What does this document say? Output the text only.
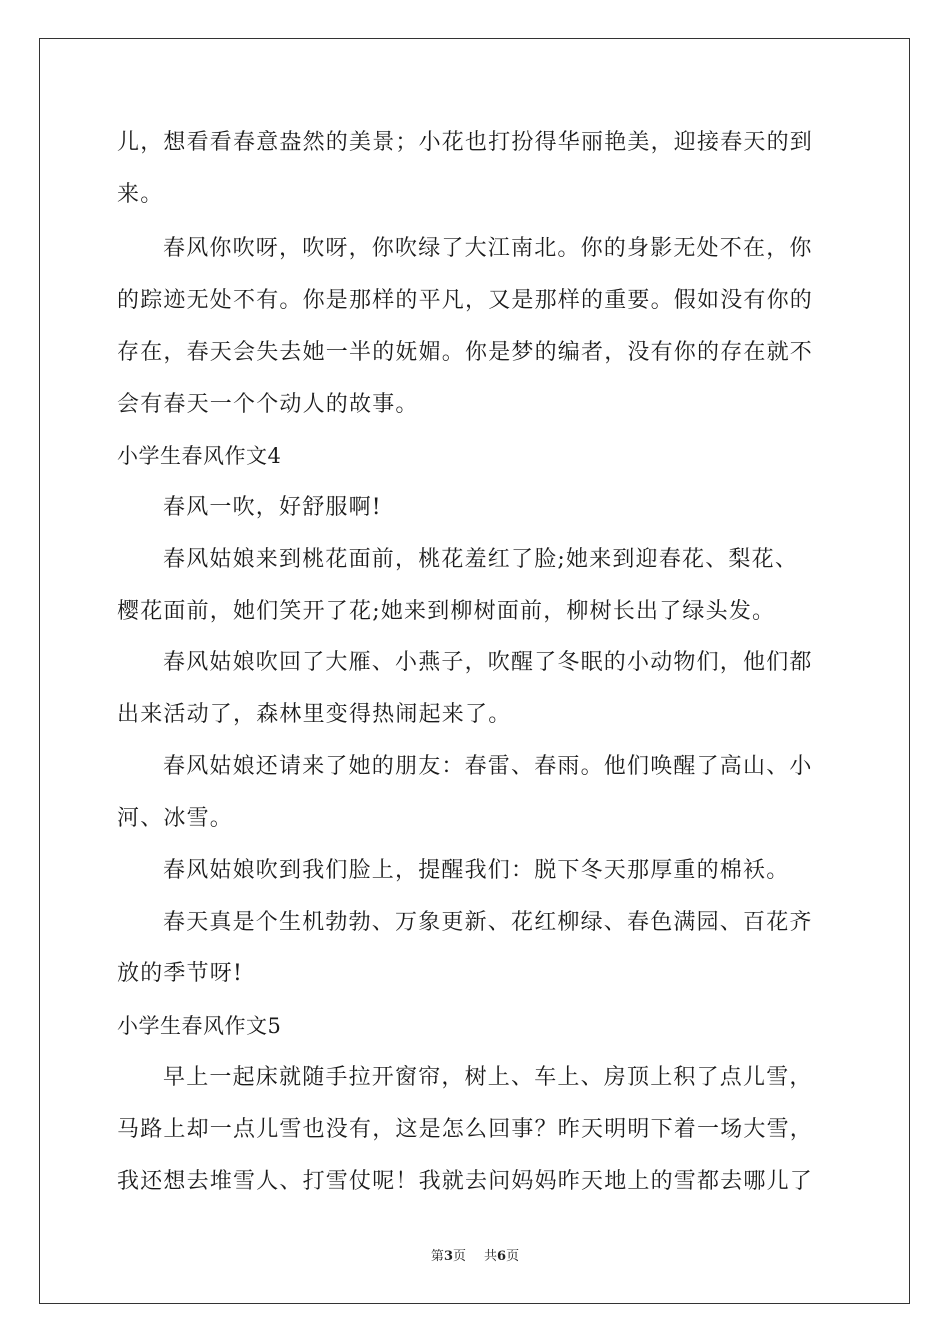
儿，想看看春意盎然的美景；小花也打扮得华丽艳美，迎接春天的到
来。
春风你吹呀，吹呀，你吹绿了大江南北。你的身影无处不在，你
的踪迹无处不有。你是那样的平凡，又是那样的重要。假如没有你的
存在，春天会失去她一半的妩媚。你是梦的编者，没有你的存在就不
会有春天一个个动人的故事。
小学生春风作文4
春风一吹，好舒服啊!
春风姑娘来到桃花面前，桃花羞红了脸;她来到迎春花、梨花、
樱花面前，她们笑开了花;她来到柳树面前，柳树长出了绿头发。
春风姑娘吹回了大雁、小燕子，吹醒了冬眠的小动物们，他们都
出来活动了，森林里变得热闹起来了。
春风姑娘还请来了她的朋友：春雷、春雨。他们唤醒了高山、小
河、冰雪。
春风姑娘吹到我们脸上，提醒我们：脱下冬天那厚重的棉袄。
春天真是个生机勃勃、万象更新、花红柳绿、春色满园、百花齐
放的季节呀!
小学生春风作文5
早上一起床就随手拉开窗帘，树上、车上、房顶上积了点儿雪，
马路上却一点儿雪也没有，这是怎么回事？昨天明明下着一场大雪，
我还想去堆雪人、打雪仗呢！我就去问妈妈昨天地上的雪都去哪儿了
第3页 共6页
